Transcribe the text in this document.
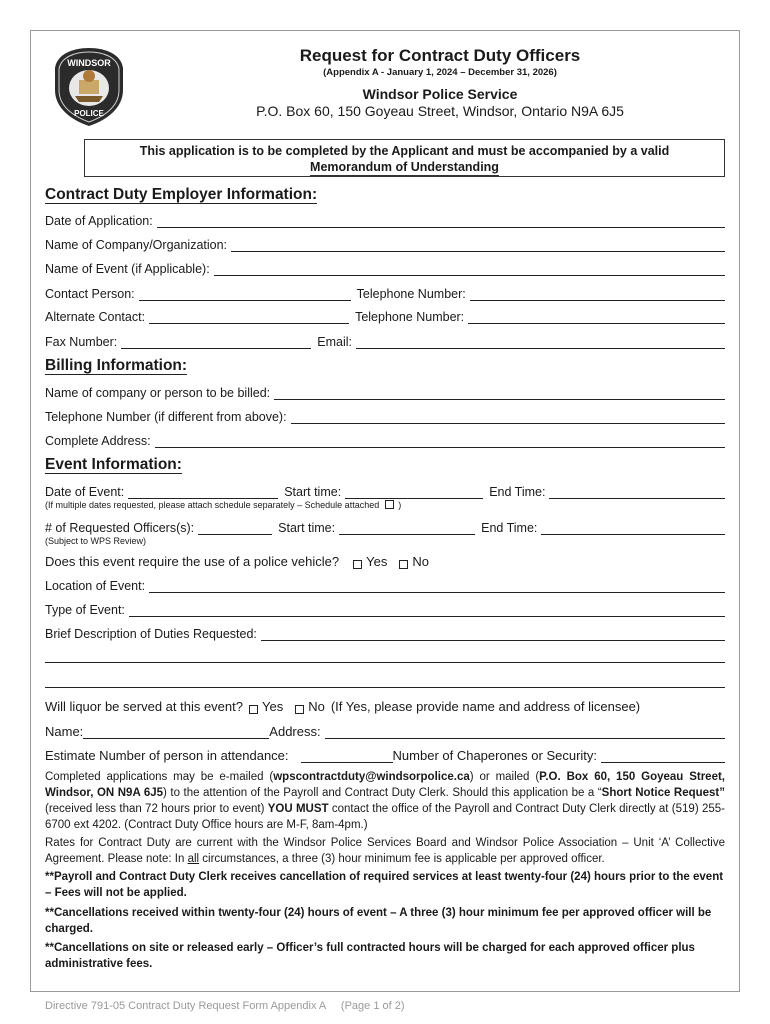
WINDSOR
POLICE
Request for Contract Duty Officers
(Appendix A - January 1, 2024 – December 31, 2026)
Windsor Police Service
P.O. Box 60, 150 Goyeau Street, Windsor, Ontario N9A 6J5
This application is to be completed by the Applicant and must be accompanied by a valid
Memorandum of Understanding
Contract Duty Employer Information:
Date of Application:
Name of Company/Organization:
Name of Event (if Applicable):
Contact Person:	Telephone Number:
Alternate Contact:	Telephone Number:
Fax Number:	Email:
Billing Information:
Name of company or person to be billed:
Telephone Number (if different from above):
Complete Address:
Event Information:
Date of Event:	Start time:	End Time:
(If multiple dates requested, please attach schedule separately – Schedule attached )
# of Requested Officers(s):	Start time:	End Time:
(Subject to WPS Review)
Does this event require the use of a police vehicle? Yes No
Location of Event:
Type of Event:
Brief Description of Duties Requested:
Will liquor be served at this event? Yes No (If Yes, please provide name and address of licensee)
Name:	Address:
Estimate Number of person in attendance:	Number of Chaperones or Security:
Completed applications may be e-mailed (wpscontractduty@windsorpolice.ca) or mailed (P.O. Box 60, 150 Goyeau Street, Windsor, ON N9A 6J5) to the attention of the Payroll and Contract Duty Clerk. Should this application be a “Short Notice Request” (received less than 72 hours prior to event) YOU MUST contact the office of the Payroll and Contract Duty Clerk directly at (519) 255-6700 ext 4202. (Contract Duty Office hours are M-F, 8am-4pm.)
Rates for Contract Duty are current with the Windsor Police Services Board and Windsor Police Association – Unit ‘A’ Collective Agreement. Please note: In all circumstances, a three (3) hour minimum fee is applicable per approved officer.
**Payroll and Contract Duty Clerk receives cancellation of required services at least twenty-four (24) hours prior to the event – Fees will not be applied.
**Cancellations received within twenty-four (24) hours of event – A three (3) hour minimum fee per approved officer will be charged.
**Cancellations on site or released early – Officer’s full contracted hours will be charged for each approved officer plus administrative fees.
Directive 791-05 Contract Duty Request Form Appendix A     (Page 1 of 2)
